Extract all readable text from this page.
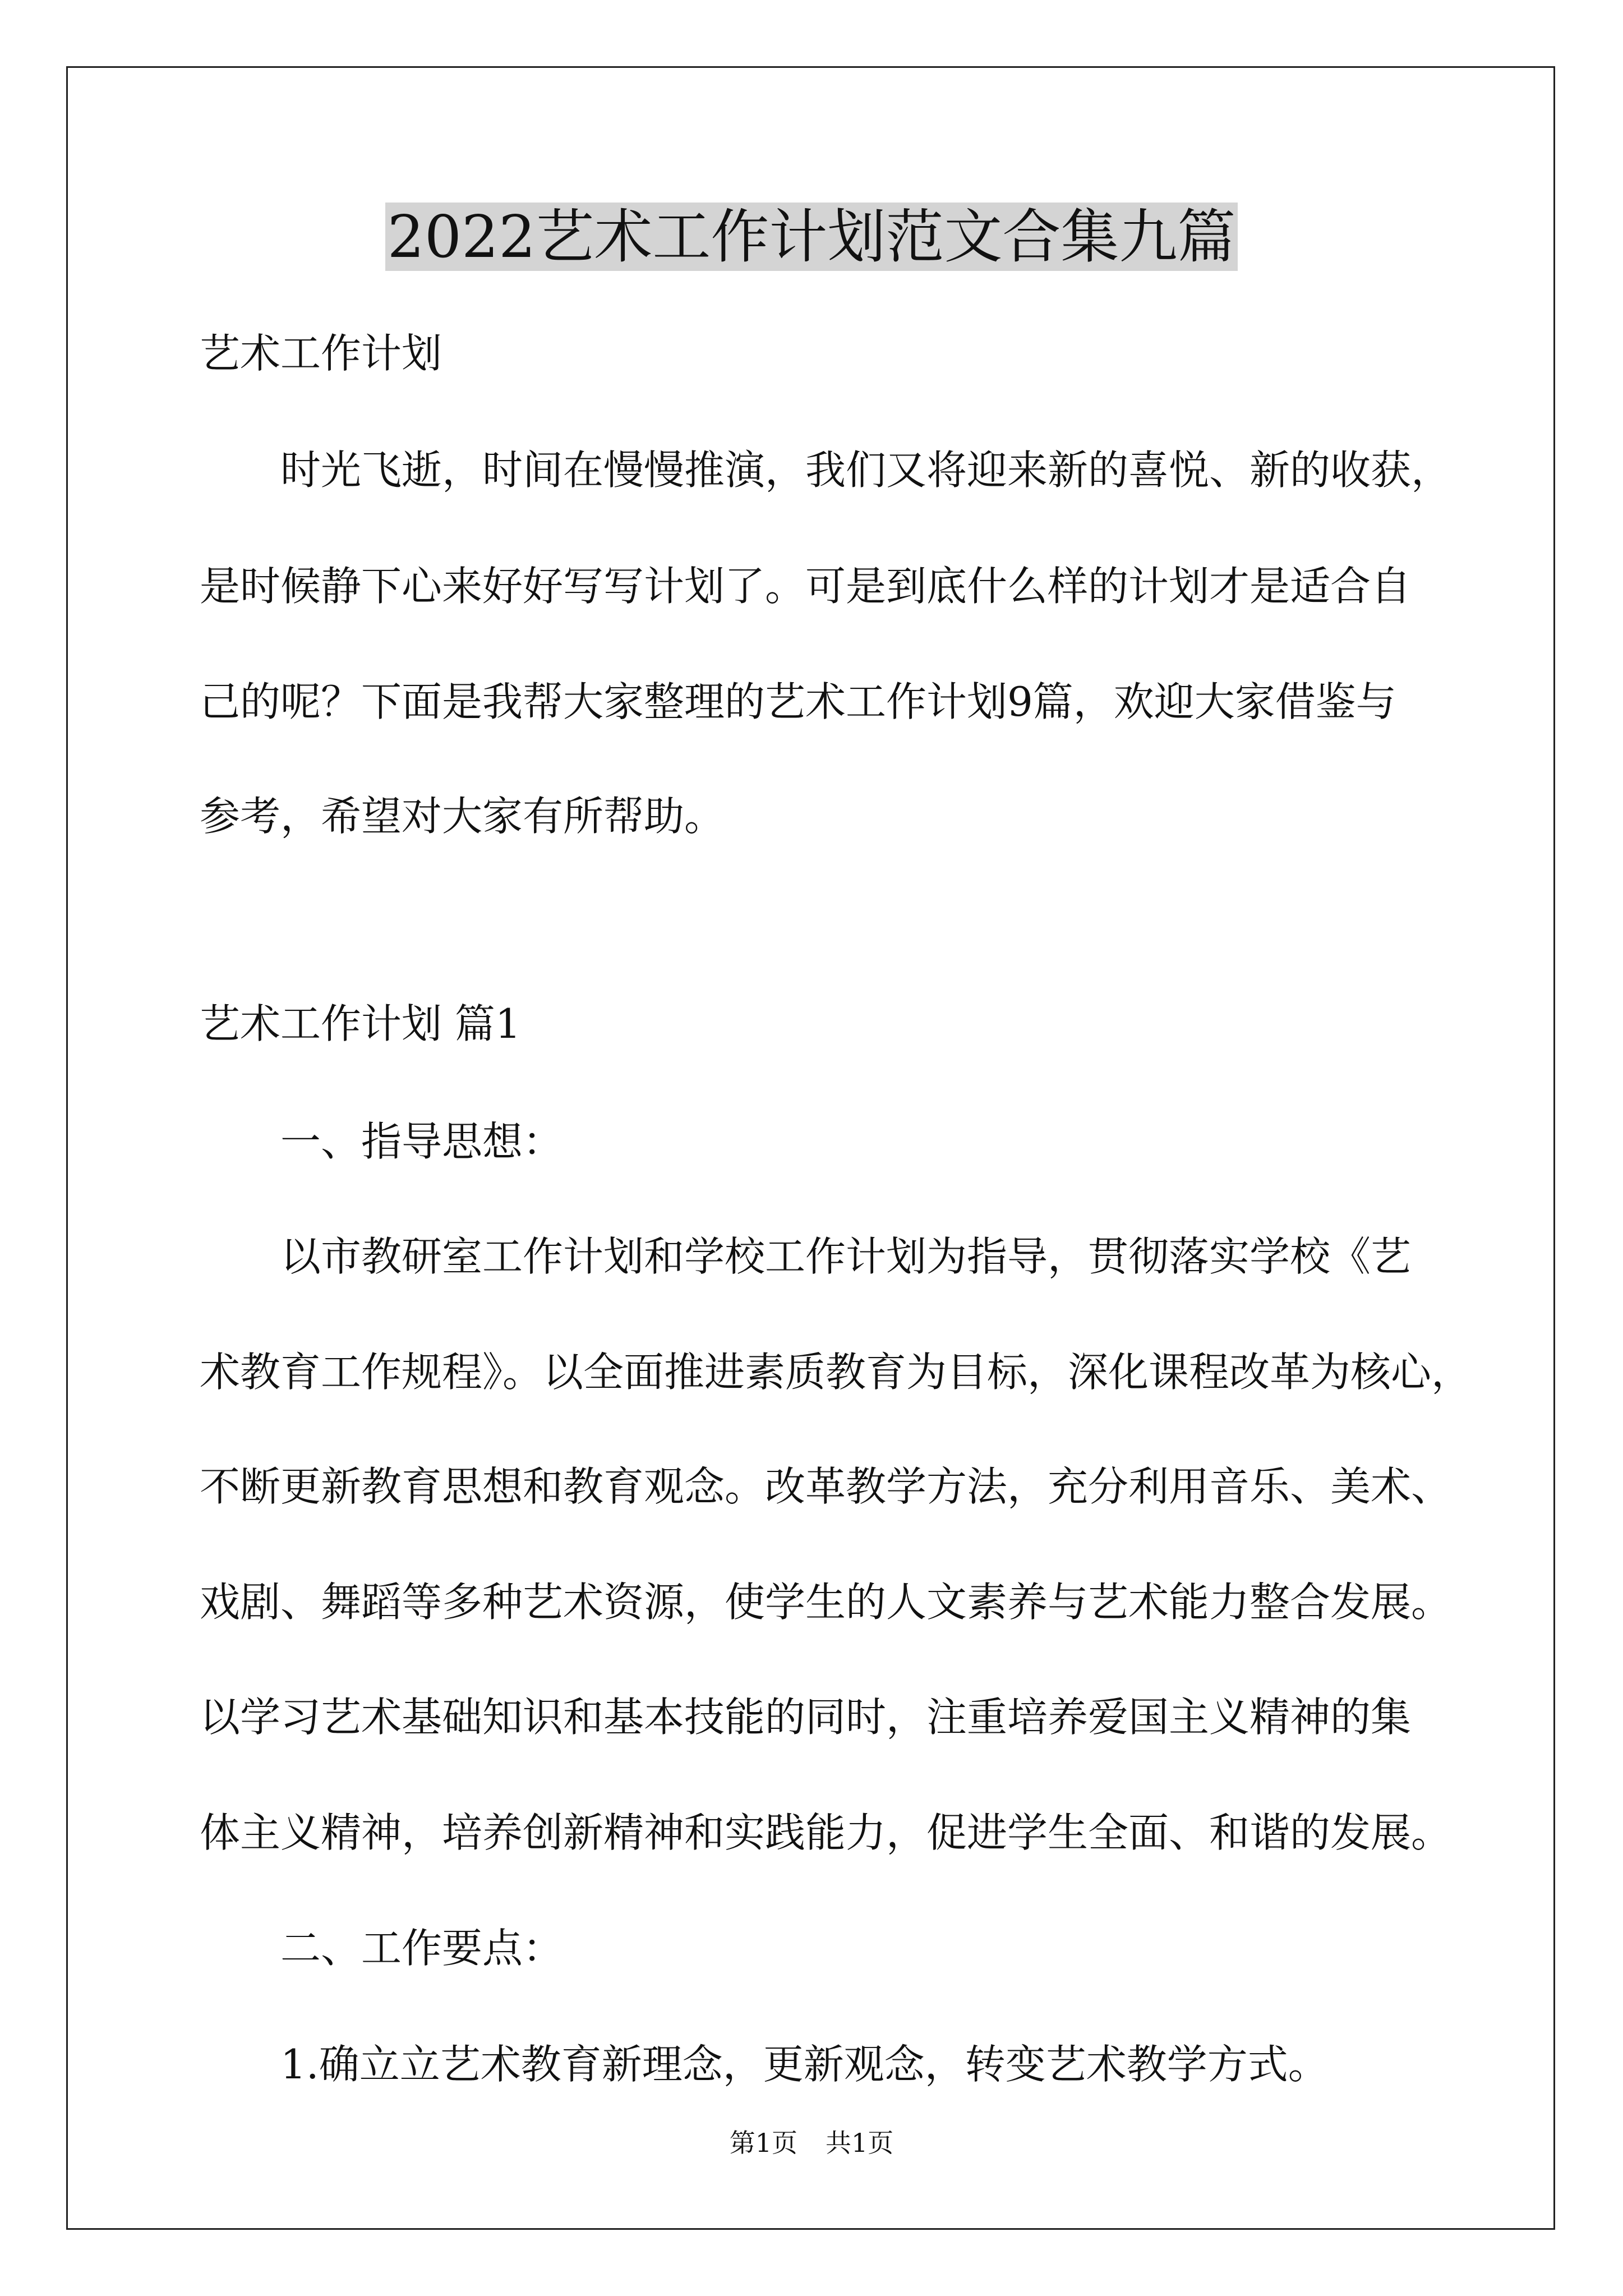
2022艺术工作计划范文合集九篇

艺术工作计划

时光飞逝，时间在慢慢推演，我们又将迎来新的喜悦、新的收获，

是时候静下心来好好写写计划了。可是到底什么样的计划才是适合自

己的呢？下面是我帮大家整理的艺术工作计划9篇，欢迎大家借鉴与

参考，希望对大家有所帮助。

艺术工作计划 篇1

一、指导思想：

以市教研室工作计划和学校工作计划为指导，贯彻落实学校《艺

术教育工作规程》。以全面推进素质教育为目标，深化课程改革为核心，

不断更新教育思想和教育观念。改革教学方法，充分利用音乐、美术、

戏剧、舞蹈等多种艺术资源，使学生的人文素养与艺术能力整合发展。

以学习艺术基础知识和基本技能的同时，注重培养爱国主义精神的集

体主义精神，培养创新精神和实践能力，促进学生全面、和谐的发展。

二、工作要点：

1.确立立艺术教育新理念，更新观念，转变艺术教学方式。

第1页 共1页
